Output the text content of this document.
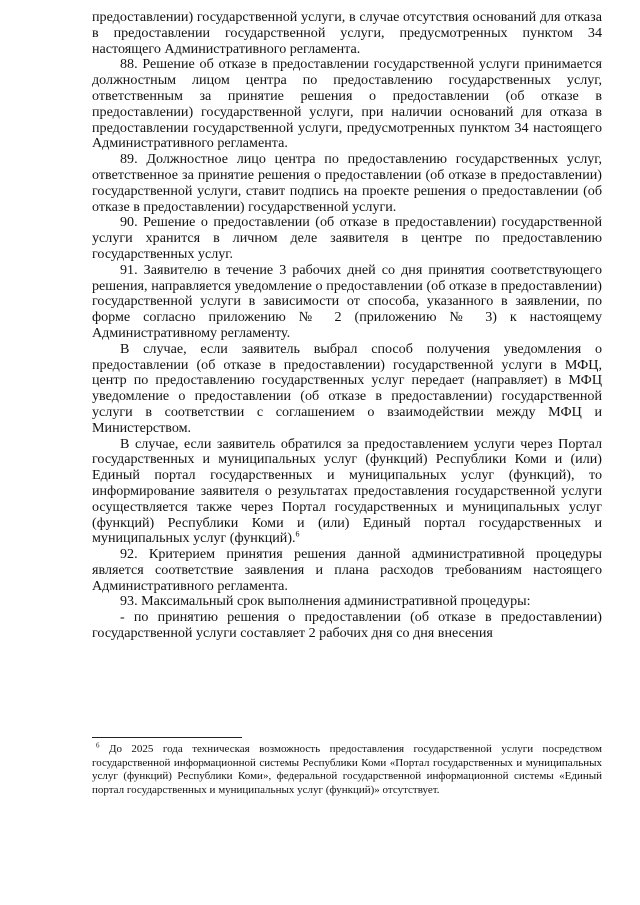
предоставлении) государственной услуги, в случае отсутствия оснований для отказа в предоставлении государственной услуги, предусмотренных пунктом 34 настоящего Административного регламента.

88. Решение об отказе в предоставлении государственной услуги принимается должностным лицом центра по предоставлению государственных услуг, ответственным за принятие решения о предоставлении (об отказе в предоставлении) государственной услуги, при наличии оснований для отказа в предоставлении государственной услуги, предусмотренных пунктом 34 настоящего Административного регламента.

89. Должностное лицо центра по предоставлению государственных услуг, ответственное за принятие решения о предоставлении (об отказе в предоставлении) государственной услуги, ставит подпись на проекте решения о предоставлении (об отказе в предоставлении) государственной услуги.

90. Решение о предоставлении (об отказе в предоставлении) государственной услуги хранится в личном деле заявителя в центре по предоставлению государственных услуг.

91. Заявителю в течение 3 рабочих дней со дня принятия соответствующего решения, направляется уведомление о предоставлении (об отказе в предоставлении) государственной услуги в зависимости от способа, указанного в заявлении, по форме согласно приложению № 2 (приложению № 3) к настоящему Административному регламенту.

В случае, если заявитель выбрал способ получения уведомления о предоставлении (об отказе в предоставлении) государственной услуги в МФЦ, центр по предоставлению государственных услуг передает (направляет) в МФЦ уведомление о предоставлении (об отказе в предоставлении) государственной услуги в соответствии с соглашением о взаимодействии между МФЦ и Министерством.

В случае, если заявитель обратился за предоставлением услуги через Портал государственных и муниципальных услуг (функций) Республики Коми и (или) Единый портал государственных и муниципальных услуг (функций), то информирование заявителя о результатах предоставления государственной услуги осуществляется также через Портал государственных и муниципальных услуг (функций) Республики Коми и (или) Единый портал государственных и муниципальных услуг (функций).$^6$

92. Критерием принятия решения данной административной процедуры является соответствие заявления и плана расходов требованиям настоящего Административного регламента.

93. Максимальный срок выполнения административной процедуры:

- по принятию решения о предоставлении (об отказе в предоставлении) государственной услуги составляет 2 рабочих дня со дня внесения

$^6$ До 2025 года техническая возможность предоставления государственной услуги посредством государственной информационной системы Республики Коми «Портал государственных и муниципальных услуг (функций) Республики Коми», федеральной государственной информационной системы «Единый портал государственных и муниципальных услуг (функций)» отсутствует.
